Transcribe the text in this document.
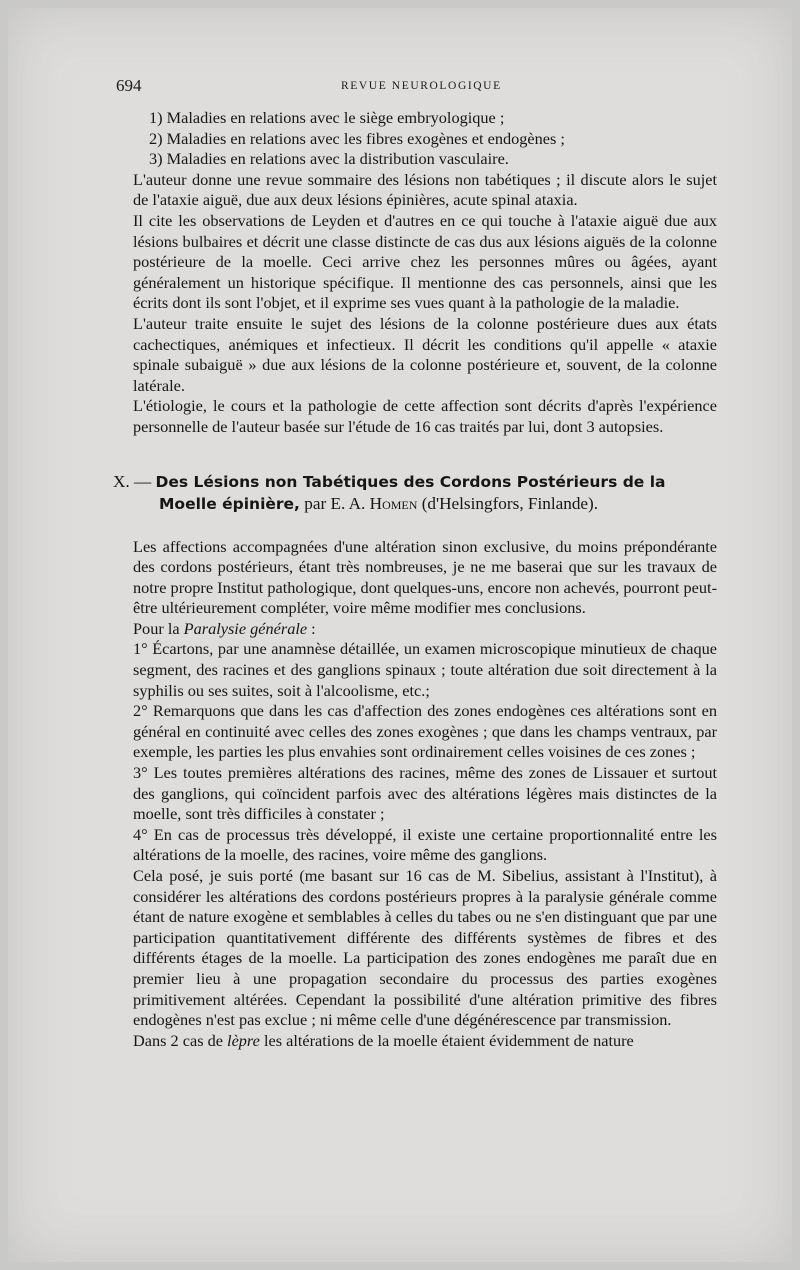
694	REVUE NEUROLOGIQUE

1) Maladies en relations avec le siège embryologique ;

2) Maladies en relations avec les fibres exogènes et endogènes ;

3) Maladies en relations avec la distribution vasculaire.

L'auteur donne une revue sommaire des lésions non tabétiques ; il discute alors le sujet de l'ataxie aiguë, due aux deux lésions épinières, acute spinal ataxia.

Il cite les observations de Leyden et d'autres en ce qui touche à l'ataxie aiguë due aux lésions bulbaires et décrit une classe distincte de cas dus aux lésions aiguës de la colonne postérieure de la moelle. Ceci arrive chez les personnes mûres ou âgées, ayant généralement un historique spécifique. Il mentionne des cas personnels, ainsi que les écrits dont ils sont l'objet, et il exprime ses vues quant à la pathologie de la maladie.

L'auteur traite ensuite le sujet des lésions de la colonne postérieure dues aux états cachectiques, anémiques et infectieux. Il décrit les conditions qu'il appelle « ataxie spinale subaiguë » due aux lésions de la colonne postérieure et, souvent, de la colonne latérale.

L'étiologie, le cours et la pathologie de cette affection sont décrits d'après l'expérience personnelle de l'auteur basée sur l'étude de 16 cas traités par lui, dont 3 autopsies.

X. — Des Lésions non Tabétiques des Cordons Postérieurs de la

Moelle épinière, par E. A. Homen (d'Helsingfors, Finlande).

Les affections accompagnées d'une altération sinon exclusive, du moins prépondérante des cordons postérieurs, étant très nombreuses, je ne me baserai que sur les travaux de notre propre Institut pathologique, dont quelques-uns, encore non achevés, pourront peut-être ultérieurement compléter, voire même modifier mes conclusions.

Pour la Paralysie générale :

1° Écartons, par une anamnèse détaillée, un examen microscopique minutieux de chaque segment, des racines et des ganglions spinaux ; toute altération due soit directement à la syphilis ou ses suites, soit à l'alcoolisme, etc.;

2° Remarquons que dans les cas d'affection des zones endogènes ces altérations sont en général en continuité avec celles des zones exogènes ; que dans les champs ventraux, par exemple, les parties les plus envahies sont ordinairement celles voisines de ces zones ;

3° Les toutes premières altérations des racines, même des zones de Lissauer et surtout des ganglions, qui coïncident parfois avec des altérations légères mais distinctes de la moelle, sont très difficiles à constater ;

4° En cas de processus très développé, il existe une certaine proportionnalité entre les altérations de la moelle, des racines, voire même des ganglions.

Cela posé, je suis porté (me basant sur 16 cas de M. Sibelius, assistant à l'Institut), à considérer les altérations des cordons postérieurs propres à la paralysie générale comme étant de nature exogène et semblables à celles du tabes ou ne s'en distinguant que par une participation quantitativement différente des différents systèmes de fibres et des différents étages de la moelle. La participation des zones endogènes me paraît due en premier lieu à une propagation secondaire du processus des parties exogènes primitivement altérées. Cependant la possibilité d'une altération primitive des fibres endogènes n'est pas exclue ; ni même celle d'une dégénérescence par transmission.

Dans 2 cas de lèpre les altérations de la moelle étaient évidemment de nature
